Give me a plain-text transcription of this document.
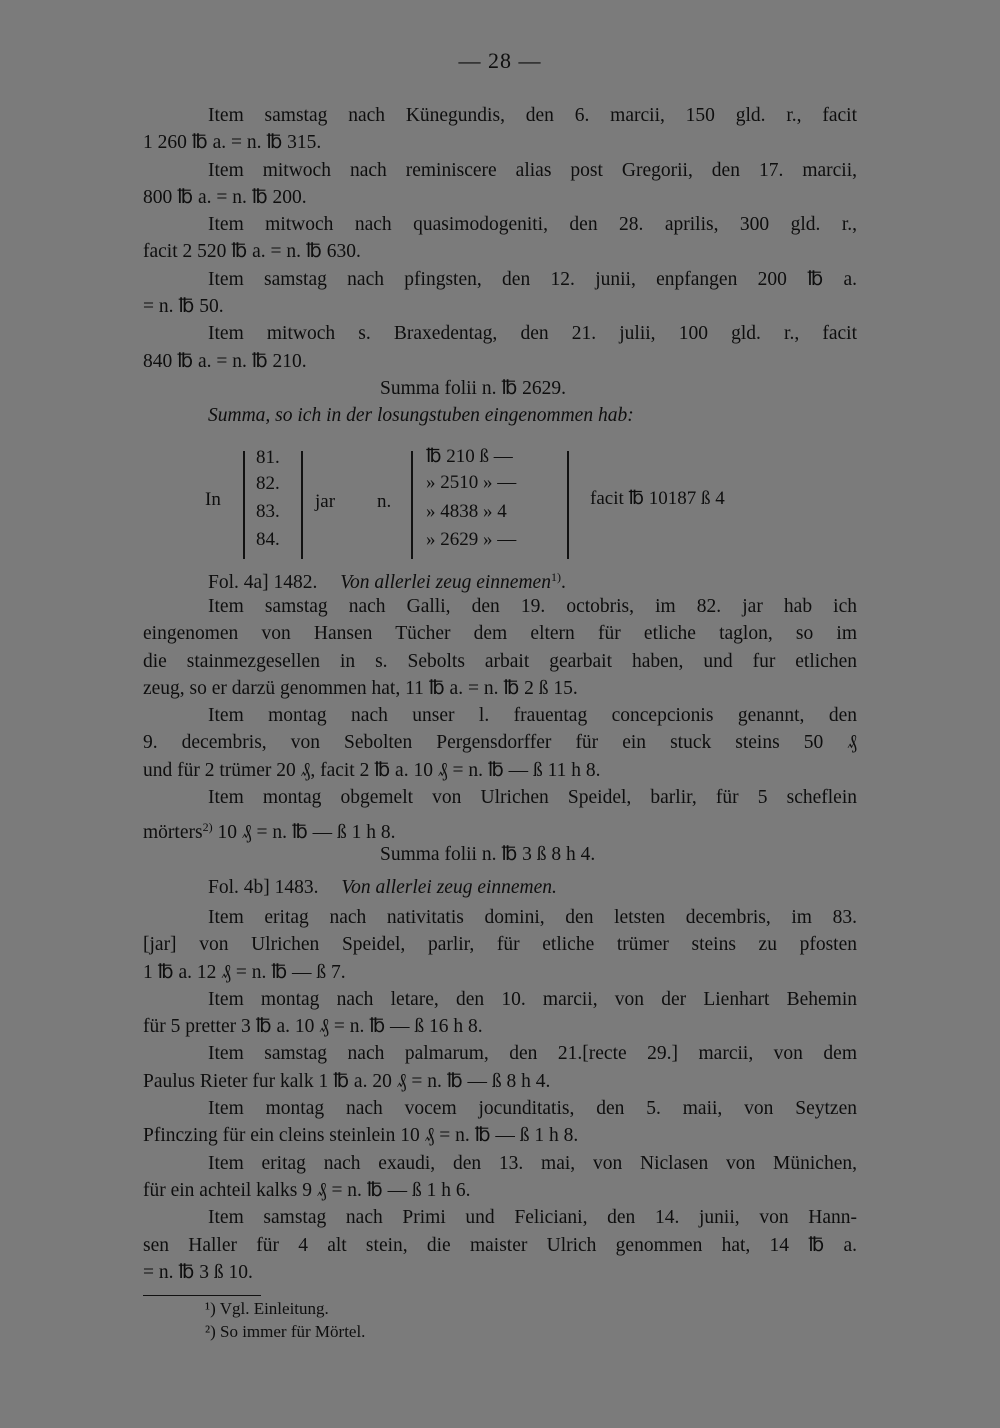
— 28 —
Item samstag nach Künegundis, den 6. marcii, 150 gld. r., facit
1 260 ℔ a. = n. ℔ 315.
Item mitwoch nach reminiscere alias post Gregorii, den 17. marcii,
800 ℔ a. = n. ℔ 200.
Item mitwoch nach quasimodogeniti, den 28. aprilis, 300 gld. r.,
facit 2 520 ℔ a. = n. ℔ 630.
Item samstag nach pfingsten, den 12. junii, enpfangen 200 ℔ a.
= n. ℔ 50.
Item mitwoch s. Braxedentag, den 21. julii, 100 gld. r., facit
840 ℔ a. = n. ℔ 210.
Summa folii n. ℔ 2629.
Summa, so ich in der losungstuben eingenommen hab:
In
81.
82.
83.
84.
jar n.
℔ 210 ß —
» 2510 » —
» 4838 » 4
» 2629 » —
facit ℔ 10187 ß 4
Fol. 4a] 1482. Von allerlei zeug einnemen$^{1)}$.
Item samstag nach Galli, den 19. octobris, im 82. jar hab ich
eingenomen von Hansen Tücher dem eltern für etliche taglon, so im
die stainmezgesellen in s. Sebolts arbait gearbait haben, und fur etlichen
zeug, so er darzü genommen hat, 11 ℔ a. = n. ℔ 2 ß 15.
Item montag nach unser l. frauentag concepcionis genannt, den
9. decembris, von Sebolten Pergensdorffer für ein stuck steins 50 ₰
und für 2 trümer 20 ₰, facit 2 ℔ a. 10 ₰ = n. ℔ — ß 11 h 8.
Item montag obgemelt von Ulrichen Speidel, barlir, für 5 scheflein
mörters$^{2)}$ 10 ₰ = n. ℔ — ß 1 h 8.
Summa folii n. ℔ 3 ß 8 h 4.
Fol. 4b] 1483. Von allerlei zeug einnemen.
Item eritag nach nativitatis domini, den letsten decembris, im 83.
[jar] von Ulrichen Speidel, parlir, für etliche trümer steins zu pfosten
1 ℔ a. 12 ₰ = n. ℔ — ß 7.
Item montag nach letare, den 10. marcii, von der Lienhart Behemin
für 5 pretter 3 ℔ a. 10 ₰ = n. ℔ — ß 16 h 8.
Item samstag nach palmarum, den 21.[recte 29.] marcii, von dem
Paulus Rieter fur kalk 1 ℔ a. 20 ₰ = n. ℔ — ß 8 h 4.
Item montag nach vocem jocunditatis, den 5. maii, von Seytzen
Pfinczing für ein cleins steinlein 10 ₰ = n. ℔ — ß 1 h 8.
Item eritag nach exaudi, den 13. mai, von Niclasen von Münichen,
für ein achteil kalks 9 ₰ = n. ℔ — ß 1 h 6.
Item samstag nach Primi und Feliciani, den 14. junii, von Hann-
sen Haller für 4 alt stein, die maister Ulrich genommen hat, 14 ℔ a.
= n. ℔ 3 ß 10.
¹) Vgl. Einleitung.
²) So immer für Mörtel.
